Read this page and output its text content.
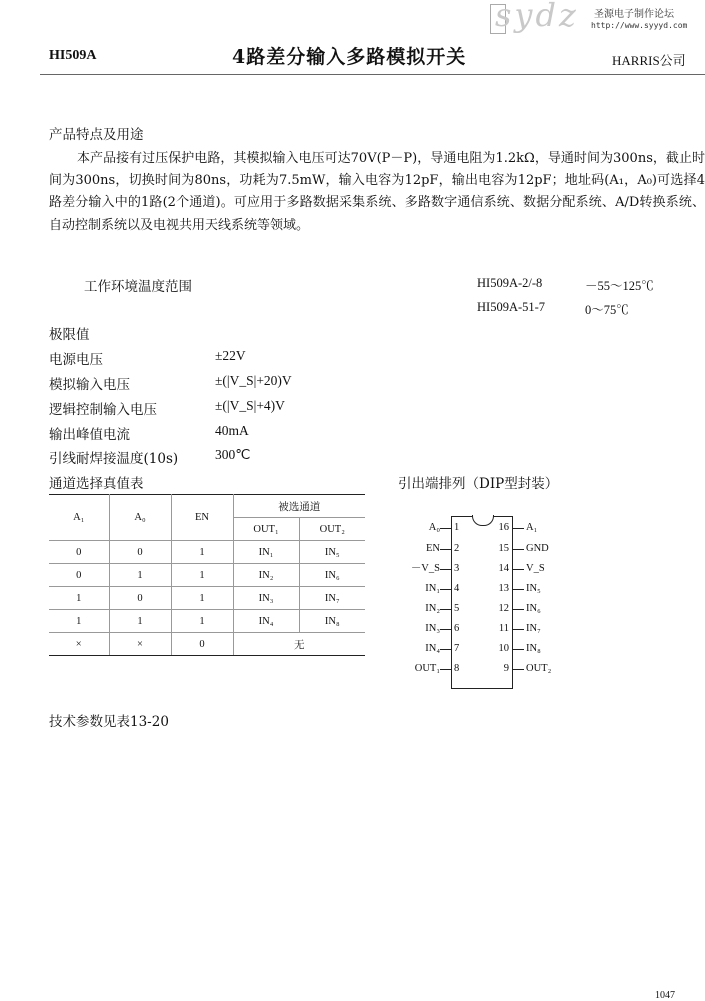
sydz 圣源电子制作论坛
http://www.syyyd.com
HI509A	4路差分输入多路模拟开关	HARRIS公司
产品特点及用途
本产品接有过压保护电路，其模拟输入电压可达70V(P－P)，导通电阻为1.2kΩ，导通时间为300ns，截止时间为300ns，切换时间为80ns，功耗为7.5mW，输入电容为12pF，输出电容为12pF；地址码(A₁，A₀)可选择4路差分输入中的1路(2个通道)。可应用于多路数据采集系统、多路数字通信系统、数据分配系统、A/D转换系统、自动控制系统以及电视共用天线系统等领域。
工作环境温度范围	HI509A-2/-8	－55～125℃
HI509A-51-7	0～75℃
极限值
电源电压	±22V
模拟输入电压	±(|V_S|+20)V
逻辑控制输入电压	±(|V_S|+4)V
输出峰值电流	40mA
引线耐焊接温度(10s)	300℃
通道选择真值表
A₁	A₀	EN	被选通道	
			OUT₁	OUT₂
0	0	1	IN₁	IN₅
0	1	1	IN₂	IN₆
1	0	1	IN₃	IN₇
1	1	1	IN₄	IN₈
×	×	0	无	
引出端排列（DIP型封装）
A₀ 1
EN 2
－V_S 3
IN₁ 4
IN₂ 5
IN₃ 6
IN₄ 7
OUT₁ 8
16 A₁
15 GND
14 V_S
13 IN₅
12 IN₆
11 IN₇
10 IN₈
9 OUT₂
技术参数见表13-20
1047
